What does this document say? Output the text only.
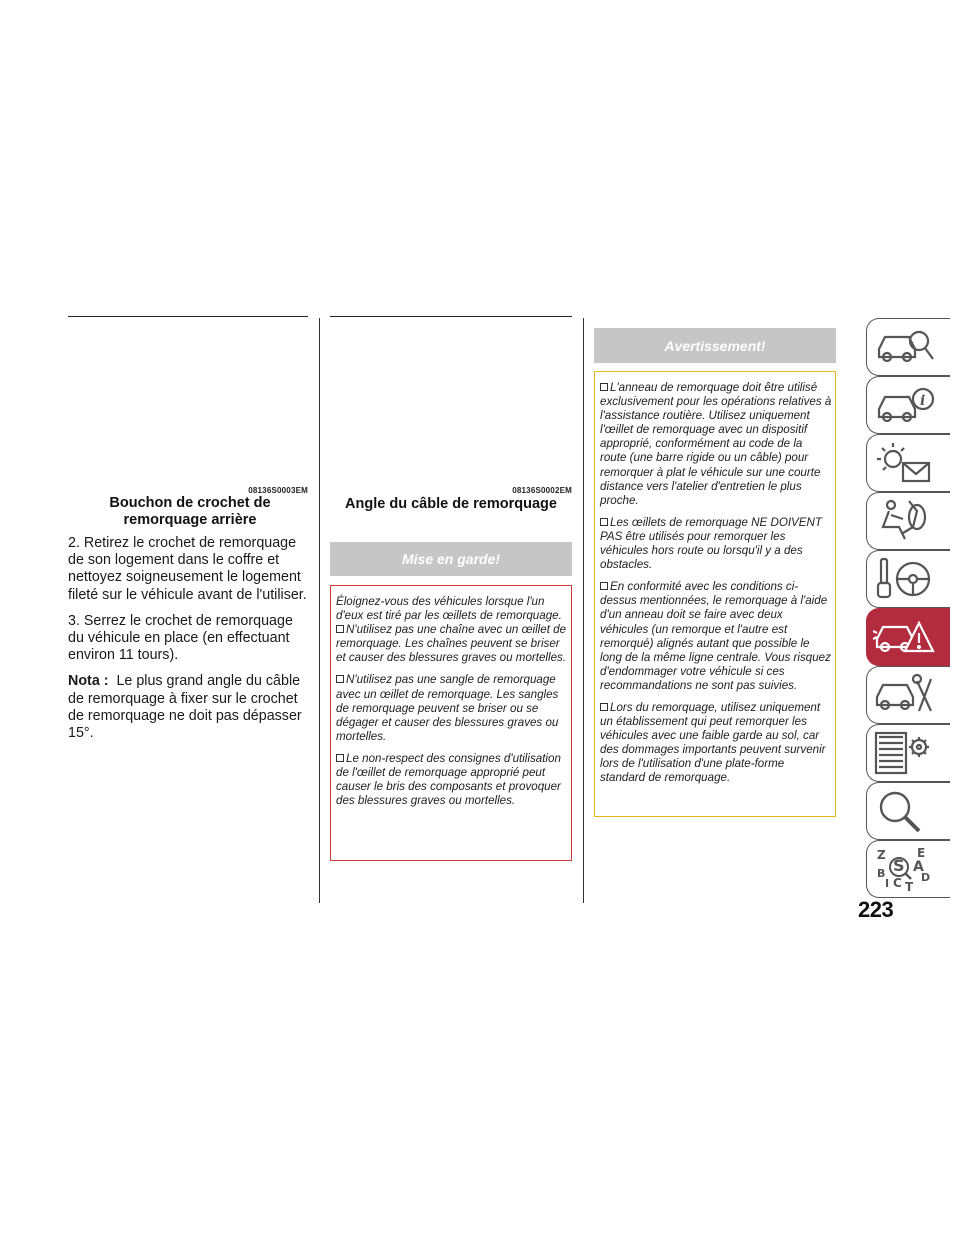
08136S0003EM
Bouchon de crochet de remorquage arrière

2. Retirez le crochet de remorquage de son logement dans le coffre et nettoyez soigneusement le logement fileté sur le véhicule avant de l'utiliser.

3. Serrez le crochet de remorquage du véhicule en place (en effectuant environ 11 tours).

Nota : Le plus grand angle du câble de remorquage à fixer sur le crochet de remorquage ne doit pas dépasser 15°.

08136S0002EM
Angle du câble de remorquage
Mise en garde!

Éloignez-vous des véhicules lorsque l'un d'eux est tiré par les œillets de remorquage.

N'utilisez pas une chaîne avec un œillet de remorquage. Les chaînes peuvent se briser et causer des blessures graves ou mortelles.

N'utilisez pas une sangle de remorquage avec un œillet de remorquage. Les sangles de remorquage peuvent se briser ou se dégager et causer des blessures graves ou mortelles.

Le non-respect des consignes d'utilisation de l'œillet de remorquage approprié peut causer le bris des composants et provoquer des blessures graves ou mortelles.

Avertissement!

L'anneau de remorquage doit être utilisé exclusivement pour les opérations relatives à l'assistance routière. Utilisez uniquement l'œillet de remorquage avec un dispositif approprié, conformément au code de la route (une barre rigide ou un câble) pour remorquer à plat le véhicule sur une courte distance vers l'atelier d'entretien le plus proche.

Les œillets de remorquage NE DOIVENT PAS être utilisés pour remorquer les véhicules hors route ou lorsqu'il y a des obstacles.

En conformité avec les conditions ci-dessus mentionnées, le remorquage à l'aide d'un anneau doit se faire avec deux véhicules (un remorque et l'autre est remorqué) alignés autant que possible le long de la même ligne centrale. Vous risquez d'endommager votre véhicule si ces recommandations ne sont pas suivies.

Lors du remorquage, utilisez uniquement un établissement qui peut remorquer les véhicules avec une faible garde au sol, car des dommages importants peuvent survenir lors de l'utilisation d'une plate-forme standard de remorquage.

i
Z	E
S A
B	D
I C T
223
